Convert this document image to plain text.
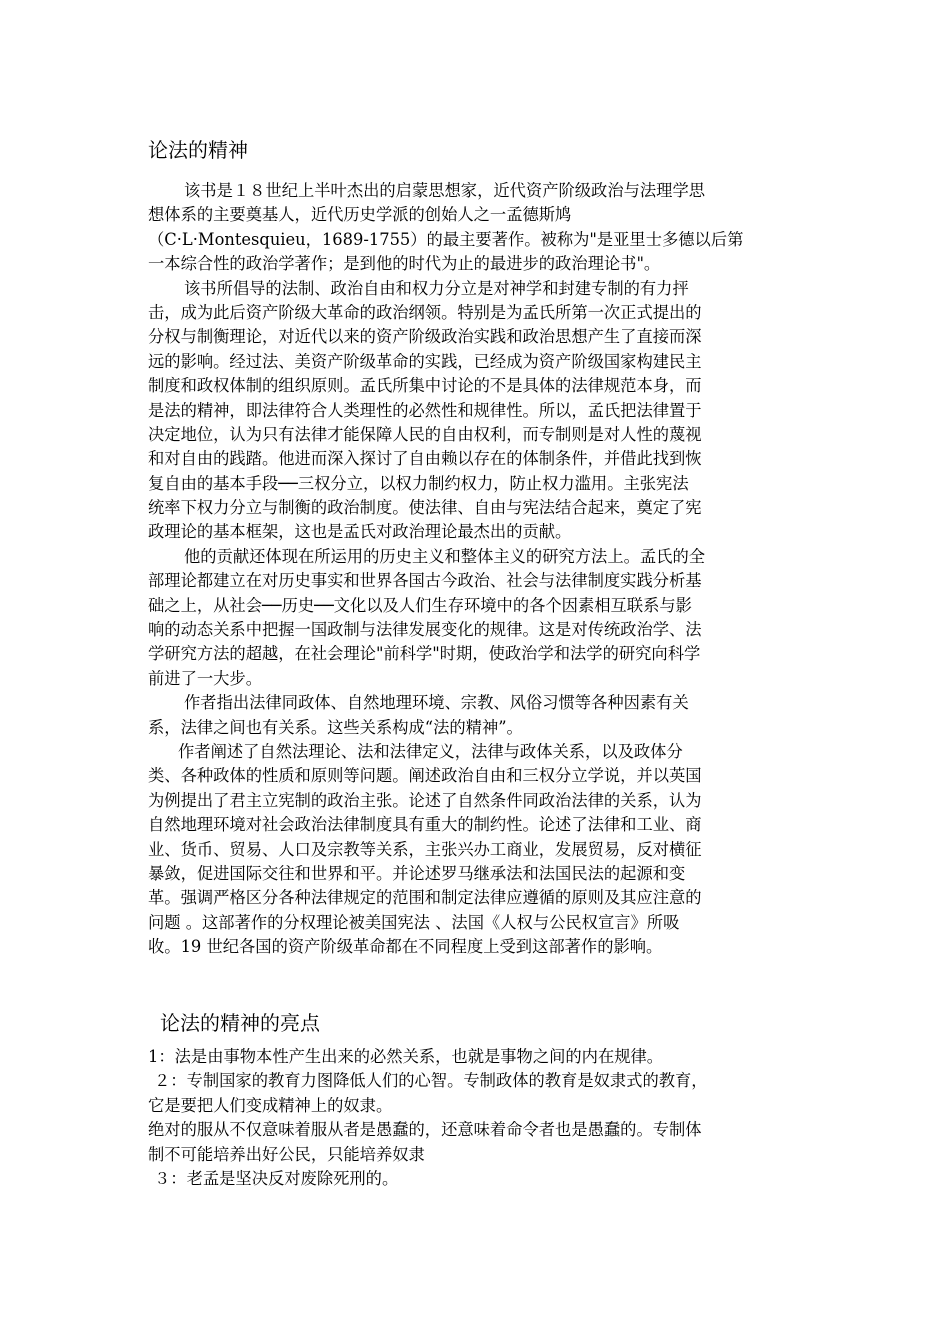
论法的精神
该书是１８世纪上半叶杰出的启蒙思想家，近代资产阶级政治与法理学思
想体系的主要奠基人，近代历史学派的创始人之一孟德斯鸠
（C·L·Montesquieu，1689-1755）的最主要著作。被称为"是亚里士多德以后第
一本综合性的政治学著作；是到他的时代为止的最进步的政治理论书"。
该书所倡导的法制、政治自由和权力分立是对神学和封建专制的有力抨
击，成为此后资产阶级大革命的政治纲领。特别是为孟氏所第一次正式提出的
分权与制衡理论，对近代以来的资产阶级政治实践和政治思想产生了直接而深
远的影响。经过法、美资产阶级革命的实践，已经成为资产阶级国家构建民主
制度和政权体制的组织原则。孟氏所集中讨论的不是具体的法律规范本身，而
是法的精神，即法律符合人类理性的必然性和规律性。所以，孟氏把法律置于
决定地位，认为只有法律才能保障人民的自由权利，而专制则是对人性的蔑视
和对自由的践踏。他进而深入探讨了自由赖以存在的体制条件，并借此找到恢
复自由的基本手段──三权分立，以权力制约权力，防止权力滥用。主张宪法
统率下权力分立与制衡的政治制度。使法律、自由与宪法结合起来，奠定了宪
政理论的基本框架，这也是孟氏对政治理论最杰出的贡献。
他的贡献还体现在所运用的历史主义和整体主义的研究方法上。孟氏的全
部理论都建立在对历史事实和世界各国古今政治、社会与法律制度实践分析基
础之上，从社会──历史──文化以及人们生存环境中的各个因素相互联系与影
响的动态关系中把握一国政制与法律发展变化的规律。这是对传统政治学、法
学研究方法的超越，在社会理论"前科学"时期，使政治学和法学的研究向科学
前进了一大步。
作者指出法律同政体、自然地理环境、宗教、风俗习惯等各种因素有关
系，法律之间也有关系。这些关系构成“法的精神”。
作者阐述了自然法理论、法和法律定义，法律与政体关系，以及政体分
类、各种政体的性质和原则等问题。阐述政治自由和三权分立学说，并以英国
为例提出了君主立宪制的政治主张。论述了自然条件同政治法律的关系，认为
自然地理环境对社会政治法律制度具有重大的制约性。论述了法律和工业、商
业、货币、贸易、人口及宗教等关系，主张兴办工商业，发展贸易，反对横征
暴敛，促进国际交往和世界和平。并论述罗马继承法和法国民法的起源和变
革。强调严格区分各种法律规定的范围和制定法律应遵循的原则及其应注意的
问题 。这部著作的分权理论被美国宪法 、法国《人权与公民权宣言》所吸
收。19 世纪各国的资产阶级革命都在不同程度上受到这部著作的影响。
论法的精神的亮点
1：法是由事物本性产生出来的必然关系，也就是事物之间的内在规律。
２：专制国家的教育力图降低人们的心智。专制政体的教育是奴隶式的教育，
它是要把人们变成精神上的奴隶。
绝对的服从不仅意味着服从者是愚蠢的，还意味着命令者也是愚蠢的。专制体
制不可能培养出好公民，只能培养奴隶
３：老孟是坚决反对废除死刑的。
